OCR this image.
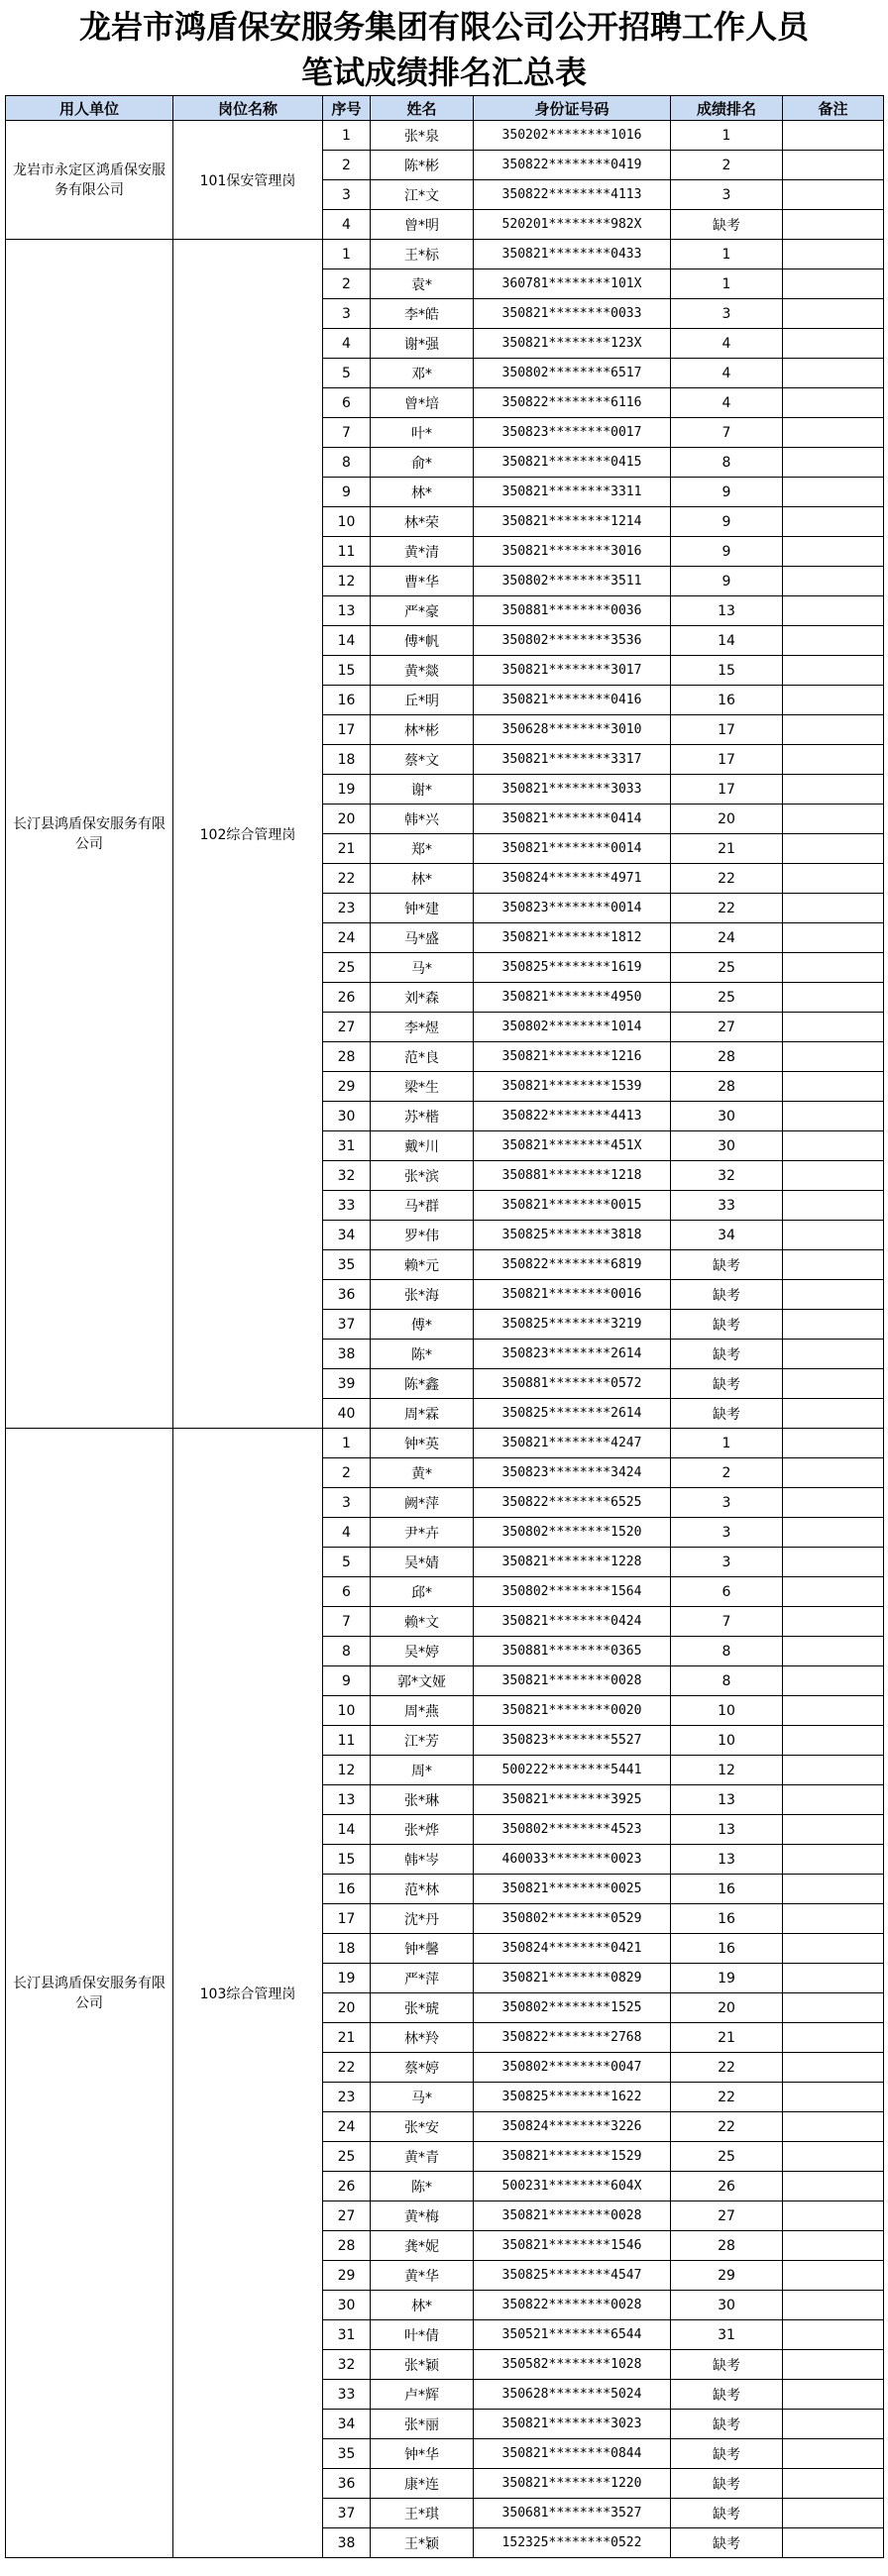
龙岩市鸿盾保安服务集团有限公司公开招聘工作人员
笔试成绩排名汇总表
用人单位	岗位名称	序号	姓名	身份证号码	成绩排名	备注
龙岩市永定区鸿盾保安服务有限公司	101保安管理岗	1	张*泉	350202********1016	1	
		2	陈*彬	350822********0419	2	
		3	江*文	350822********4113	3	
		4	曾*明	520201********982X	缺考	
长汀县鸿盾保安服务有限公司	102综合管理岗	1	王*标	350821********0433	1	
		2	袁*	360781********101X	1	
		3	李*皓	350821********0033	3	
		4	谢*强	350821********123X	4	
		5	邓*	350802********6517	4	
		6	曾*培	350822********6116	4	
		7	叶*	350823********0017	7	
		8	俞*	350821********0415	8	
		9	林*	350821********3311	9	
		10	林*荣	350821********1214	9	
		11	黄*清	350821********3016	9	
		12	曹*华	350802********3511	9	
		13	严*豪	350881********0036	13	
		14	傅*帆	350802********3536	14	
		15	黄*燚	350821********3017	15	
		16	丘*明	350821********0416	16	
		17	林*彬	350628********3010	17	
		18	蔡*文	350821********3317	17	
		19	谢*	350821********3033	17	
		20	韩*兴	350821********0414	20	
		21	郑*	350821********0014	21	
		22	林*	350824********4971	22	
		23	钟*建	350823********0014	22	
		24	马*盛	350821********1812	24	
		25	马*	350825********1619	25	
		26	刘*森	350821********4950	25	
		27	李*煜	350802********1014	27	
		28	范*良	350821********1216	28	
		29	梁*生	350821********1539	28	
		30	苏*楷	350822********4413	30	
		31	戴*川	350821********451X	30	
		32	张*滨	350881********1218	32	
		33	马*群	350821********0015	33	
		34	罗*伟	350825********3818	34	
		35	赖*元	350822********6819	缺考	
		36	张*海	350821********0016	缺考	
		37	傅*	350825********3219	缺考	
		38	陈*	350823********2614	缺考	
		39	陈*鑫	350881********0572	缺考	
		40	周*霖	350825********2614	缺考	
长汀县鸿盾保安服务有限公司	103综合管理岗	1	钟*英	350821********4247	1	
		2	黄*	350823********3424	2	
		3	阙*萍	350822********6525	3	
		4	尹*卉	350802********1520	3	
		5	吴*婧	350821********1228	3	
		6	邱*	350802********1564	6	
		7	赖*文	350821********0424	7	
		8	吴*婷	350881********0365	8	
		9	郭*文娅	350821********0028	8	
		10	周*燕	350821********0020	10	
		11	江*芳	350823********5527	10	
		12	周*	500222********5441	12	
		13	张*琳	350821********3925	13	
		14	张*烨	350802********4523	13	
		15	韩*岑	460033********0023	13	
		16	范*林	350821********0025	16	
		17	沈*丹	350802********0529	16	
		18	钟*馨	350824********0421	16	
		19	严*萍	350821********0829	19	
		20	张*琥	350802********1525	20	
		21	林*羚	350822********2768	21	
		22	蔡*婷	350802********0047	22	
		23	马*	350825********1622	22	
		24	张*安	350824********3226	22	
		25	黄*青	350821********1529	25	
		26	陈*	500231********604X	26	
		27	黄*梅	350821********0028	27	
		28	龚*妮	350821********1546	28	
		29	黄*华	350825********4547	29	
		30	林*	350822********0028	30	
		31	叶*倩	350521********6544	31	
		32	张*颖	350582********1028	缺考	
		33	卢*辉	350628********5024	缺考	
		34	张*丽	350821********3023	缺考	
		35	钟*华	350821********0844	缺考	
		36	康*连	350821********1220	缺考	
		37	王*琪	350681********3527	缺考	
		38	王*颖	152325********0522	缺考	
